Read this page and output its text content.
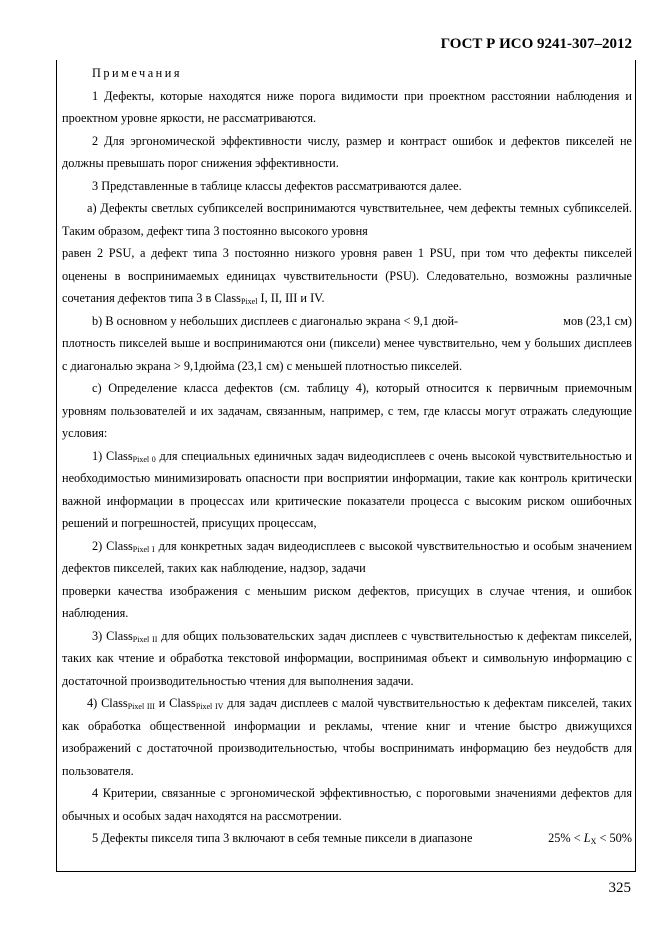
ГОСТ Р ИСО 9241-307–2012

Примечания

1 Дефекты, которые находятся ниже порога видимости при проектном расстоянии наблюдения и проектном уровне яркости, не рассматриваются.

2 Для эргономической эффективности числу, размер и контраст ошибок и дефектов пикселей не должны превышать порог снижения эффективности.

3 Представленные в таблице классы дефектов рассматриваются далее.

а) Дефекты светлых субпикселей воспринимаются чувствительнее, чем дефекты темных субпикселей. Таким образом, дефект типа 3 постоянно высокого уровня

равен 2 PSU, а дефект типа 3 постоянно низкого уровня равен 1 PSU, при том что дефекты пикселей оценены в воспринимаемых единицах чувствительности (PSU). Следовательно, возможны различные сочетания дефектов типа 3 в Class$_{Pixel}$ I, II, III и IV.

b) В основном у небольших дисплеев с диагональю экрана < 9,1 дюй-	мов (23,1 см)

плотность пикселей выше и воспринимаются они (пиксели) менее чувствительно, чем у больших дисплеев с диагональю экрана > 9,1дюйма (23,1 см) с меньшей плотностью пикселей.

с) Определение класса дефектов (см. таблицу 4), который относится к первичным приемочным уровням пользователей и их задачам, связанным, например, с тем, где классы могут отражать следующие условия:

1) Class$_{Pixel 0}$ для специальных единичных задач видеодисплеев с очень высокой чувствительностью и необходимостью минимизировать опасности при восприятии информации, такие как контроль критически важной информации в процессах или критические показатели процесса с высоким риском ошибочных решений и погрешностей, присущих процессам,

2) Class$_{Pixel I}$ для конкретных задач видеодисплеев с высокой чувствительностью и особым значением дефектов пикселей, таких как наблюдение, надзор, задачи

проверки качества изображения с меньшим риском дефектов, присущих в случае чтения, и ошибок наблюдения.

3) Class$_{Pixel II}$ для общих пользовательских задач дисплеев с чувствительностью к дефектам пикселей, таких как чтение и обработка текстовой информации, воспринимая объект и символьную информацию с достаточной производительностью чтения для выполнения задачи.

4) Class$_{Pixel III}$ и Class$_{Pixel IV}$ для задач дисплеев с малой чувствительностью к дефектам пикселей, таких как обработка общественной информации и рекламы, чтение книг и чтение быстро движущихся изображений с достаточной производительностью, чтобы воспринимать информацию без неудобств для пользователя.

4 Критерии, связанные с эргономической эффективностью, с пороговыми значениями дефектов для обычных и особых задач находятся на рассмотрении.

5 Дефекты пикселя типа 3 включают в себя темные пиксели в диапазоне	$25\% < L_X < 50\%$

325
